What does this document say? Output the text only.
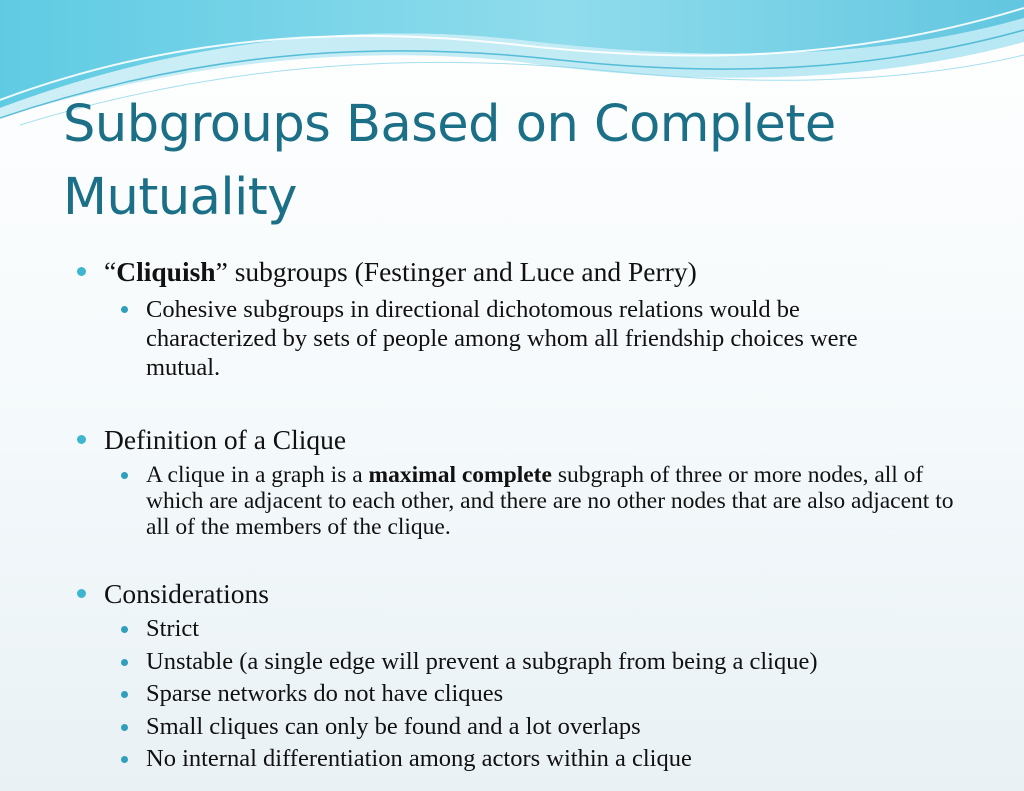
Subgroups Based on Complete Mutuality

“Cliquish” subgroups (Festinger and Luce and Perry)

Cohesive subgroups in directional dichotomous relations would be characterized by sets of people among whom all friendship choices were mutual.

Definition of a Clique

A clique in a graph is a maximal complete subgraph of three or more nodes, all of which are adjacent to each other, and there are no other nodes that are also adjacent to all of the members of the clique.

Considerations

Strict

Unstable (a single edge will prevent a subgraph from being a clique)

Sparse networks do not have cliques

Small cliques can only be found and a lot overlaps

No internal differentiation among actors within a clique
